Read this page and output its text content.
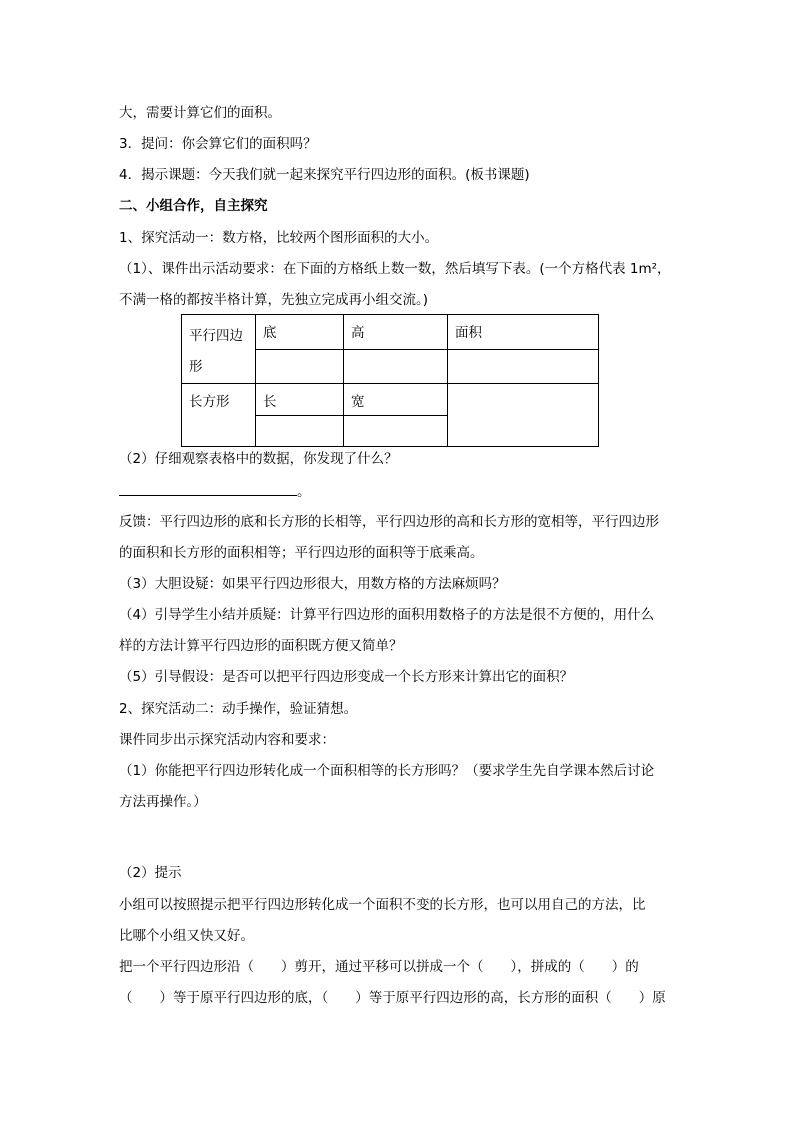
大，需要计算它们的面积。
3．提问：你会算它们的面积吗？
4．揭示课题：今天我们就一起来探究平行四边形的面积。(板书课题)
二、小组合作，自主探究
1、探究活动一：数方格，比较两个图形面积的大小。
（1）、课件出示活动要求：在下面的方格纸上数一数，然后填写下表。(一个方格代表 1m²，
不满一格的都按半格计算，先独立完成再小组交流。)
平行四边
形	底	高	面积

长方形	长	宽	

（2）仔细观察表格中的数据，你发现了什么？
。
反馈：平行四边形的底和长方形的长相等，平行四边形的高和长方形的宽相等，平行四边形
的面积和长方形的面积相等；平行四边形的面积等于底乘高。
（3）大胆设疑：如果平行四边形很大，用数方格的方法麻烦吗？
（4）引导学生小结并质疑：计算平行四边形的面积用数格子的方法是很不方便的，用什么
样的方法计算平行四边形的面积既方便又简单？
（5）引导假设：是否可以把平行四边形变成一个长方形来计算出它的面积？
2、探究活动二：动手操作，验证猜想。
课件同步出示探究活动内容和要求：
（1）你能把平行四边形转化成一个面积相等的长方形吗？（要求学生先自学课本然后讨论
方法再操作。）
（2）提示
小组可以按照提示把平行四边形转化成一个面积不变的长方形，也可以用自己的方法，比
比哪个小组又快又好。
把一个平行四边形沿（　　）剪开，通过平移可以拼成一个（　　），拼成的（　　）的
（　　）等于原平行四边形的底，（　　）等于原平行四边形的高，长方形的面积（　　）原
